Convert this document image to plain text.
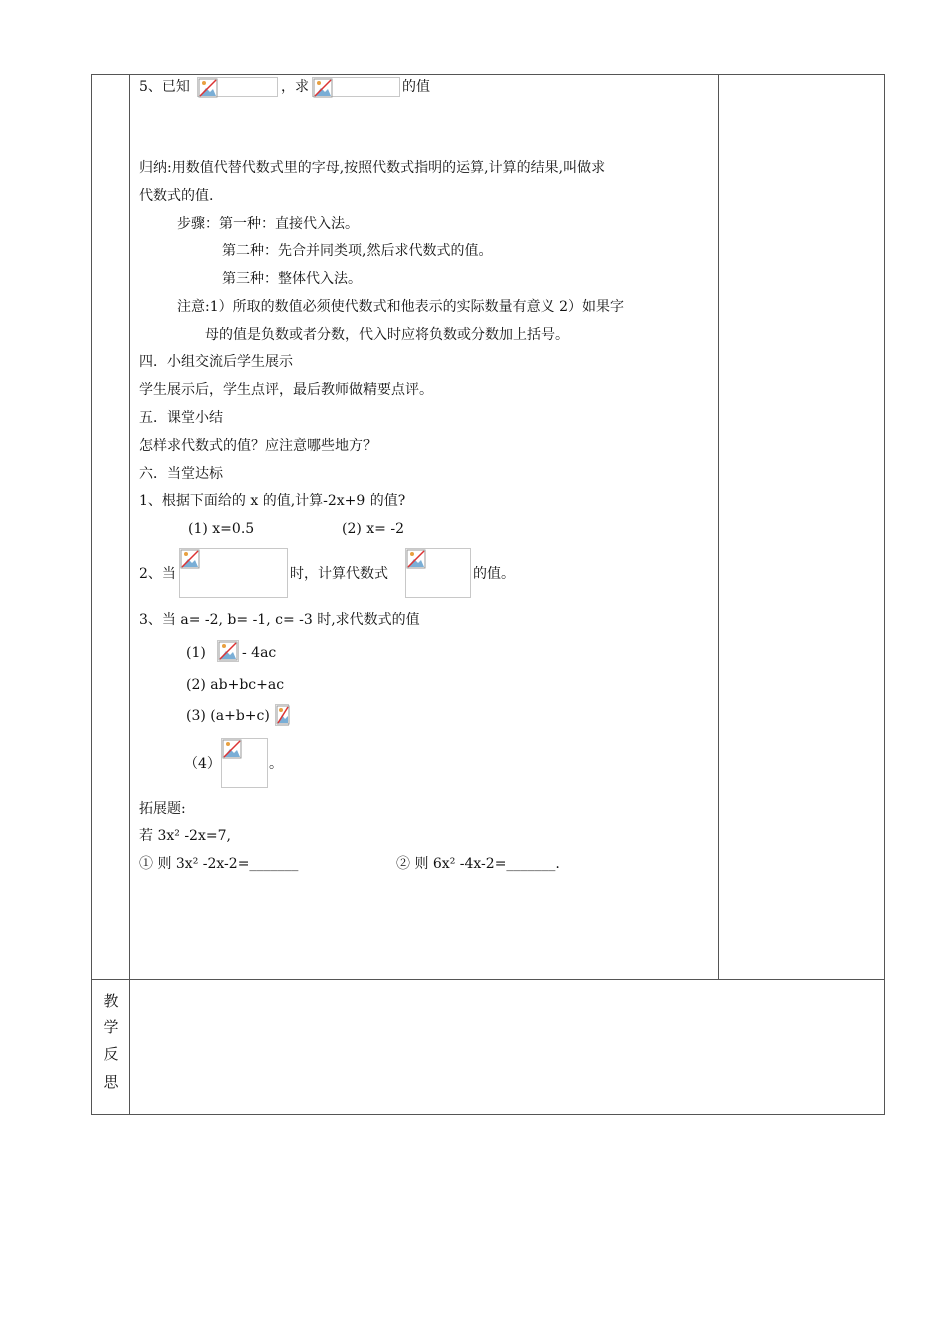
5、已知	，求	的值
归纳:用数值代替代数式里的字母,按照代数式指明的运算,计算的结果,叫做求
代数式的值.
步骤：第一种：直接代入法。
第二种：先合并同类项,然后求代数式的值。
第三种：整体代入法。
注意:1）所取的数值必须使代数式和他表示的实际数量有意义 2）如果字
母的值是负数或者分数，代入时应将负数或分数加上括号。
四．小组交流后学生展示
学生展示后，学生点评，最后教师做精要点评。
五．课堂小结
怎样求代数式的值？应注意哪些地方？
六．当堂达标
1、根据下面给的 x 的值,计算-2x+9 的值?
(1) x=0.5	(2) x= -2
2、当	时，计算代数式	的值。
3、当 a= -2, b= -1, c= -3 时,求代数式的值
(1)	- 4ac
(2) ab+bc+ac
(3) (a+b+c)
（4）	。
拓展题:
若 3x² -2x=7,
① 则 3x² -2x-2=_______	② 则 6x² -4x-2=_______.
教
学
反
思
